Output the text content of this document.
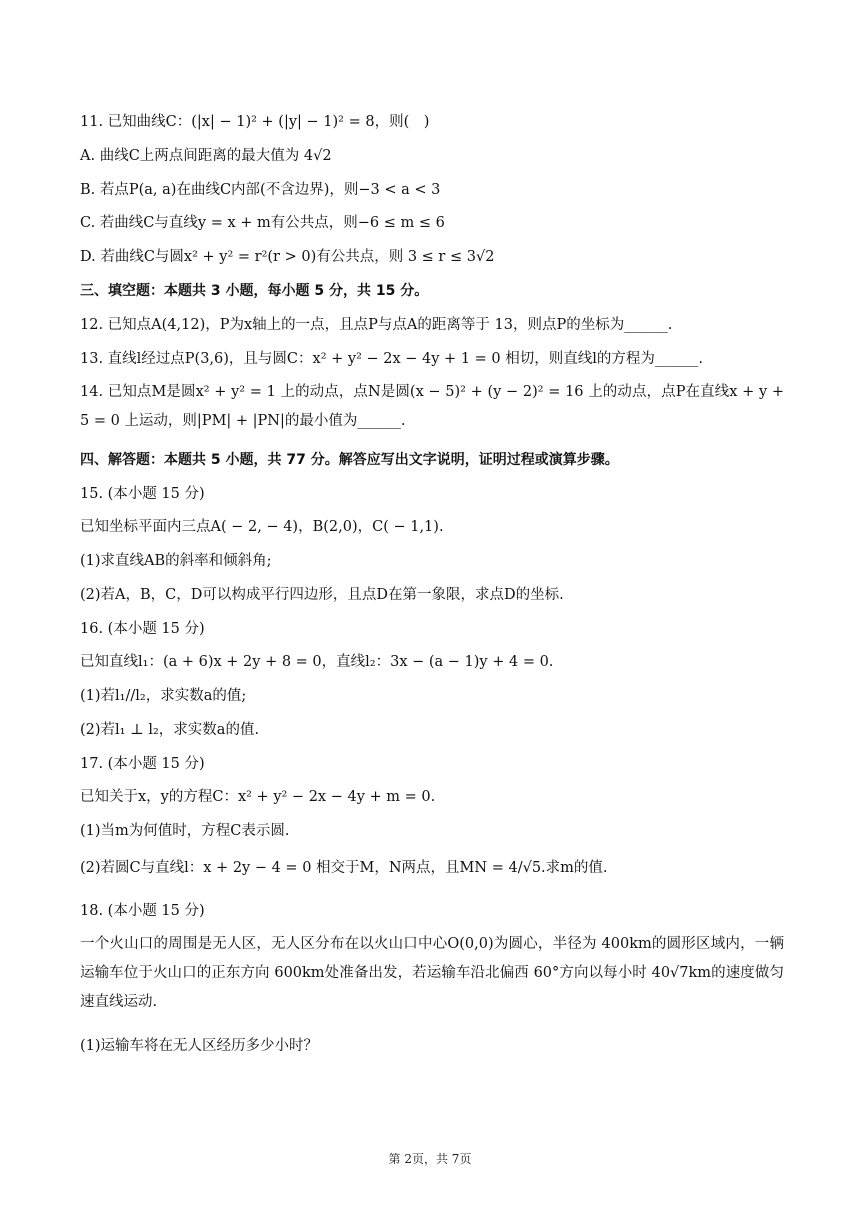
11. 已知曲线C：(|x| − 1)² + (|y| − 1)² = 8，则(　)
A. 曲线C上两点间距离的最大值为 4√2
B. 若点P(a, a)在曲线C内部(不含边界)，则−3 < a < 3
C. 若曲线C与直线y = x + m有公共点，则−6 ≤ m ≤ 6
D. 若曲线C与圆x² + y² = r²(r > 0)有公共点，则 3 ≤ r ≤ 3√2
三、填空题：本题共 3 小题，每小题 5 分，共 15 分。
12. 已知点A(4,12)，P为x轴上的一点，且点P与点A的距离等于 13，则点P的坐标为______.
13. 直线l经过点P(3,6)，且与圆C：x² + y² − 2x − 4y + 1 = 0 相切，则直线l的方程为______.
14. 已知点M是圆x² + y² = 1 上的动点，点N是圆(x − 5)² + (y − 2)² = 16 上的动点，点P在直线x + y + 5 = 0 上运动，则|PM| + |PN|的最小值为______.
四、解答题：本题共 5 小题，共 77 分。解答应写出文字说明，证明过程或演算步骤。
15. (本小题 15 分)
已知坐标平面内三点A( − 2, − 4)，B(2,0)，C( − 1,1).
(1)求直线AB的斜率和倾斜角;
(2)若A，B，C，D可以构成平行四边形，且点D在第一象限，求点D的坐标.
16. (本小题 15 分)
已知直线l₁：(a + 6)x + 2y + 8 = 0，直线l₂：3x − (a − 1)y + 4 = 0.
(1)若l₁//l₂，求实数a的值;
(2)若l₁ ⊥ l₂，求实数a的值.
17. (本小题 15 分)
已知关于x，y的方程C：x² + y² − 2x − 4y + m = 0.
(1)当m为何值时，方程C表示圆.
(2)若圆C与直线l：x + 2y − 4 = 0 相交于M，N两点，且MN = 4/√5.求m的值.
18. (本小题 15 分)
一个火山口的周围是无人区，无人区分布在以火山口中心O(0,0)为圆心，半径为 400km的圆形区域内，一辆运输车位于火山口的正东方向 600km处准备出发，若运输车沿北偏西 60°方向以每小时 40√7km的速度做匀速直线运动.
(1)运输车将在无人区经历多少小时？
第 2页，共 7页
